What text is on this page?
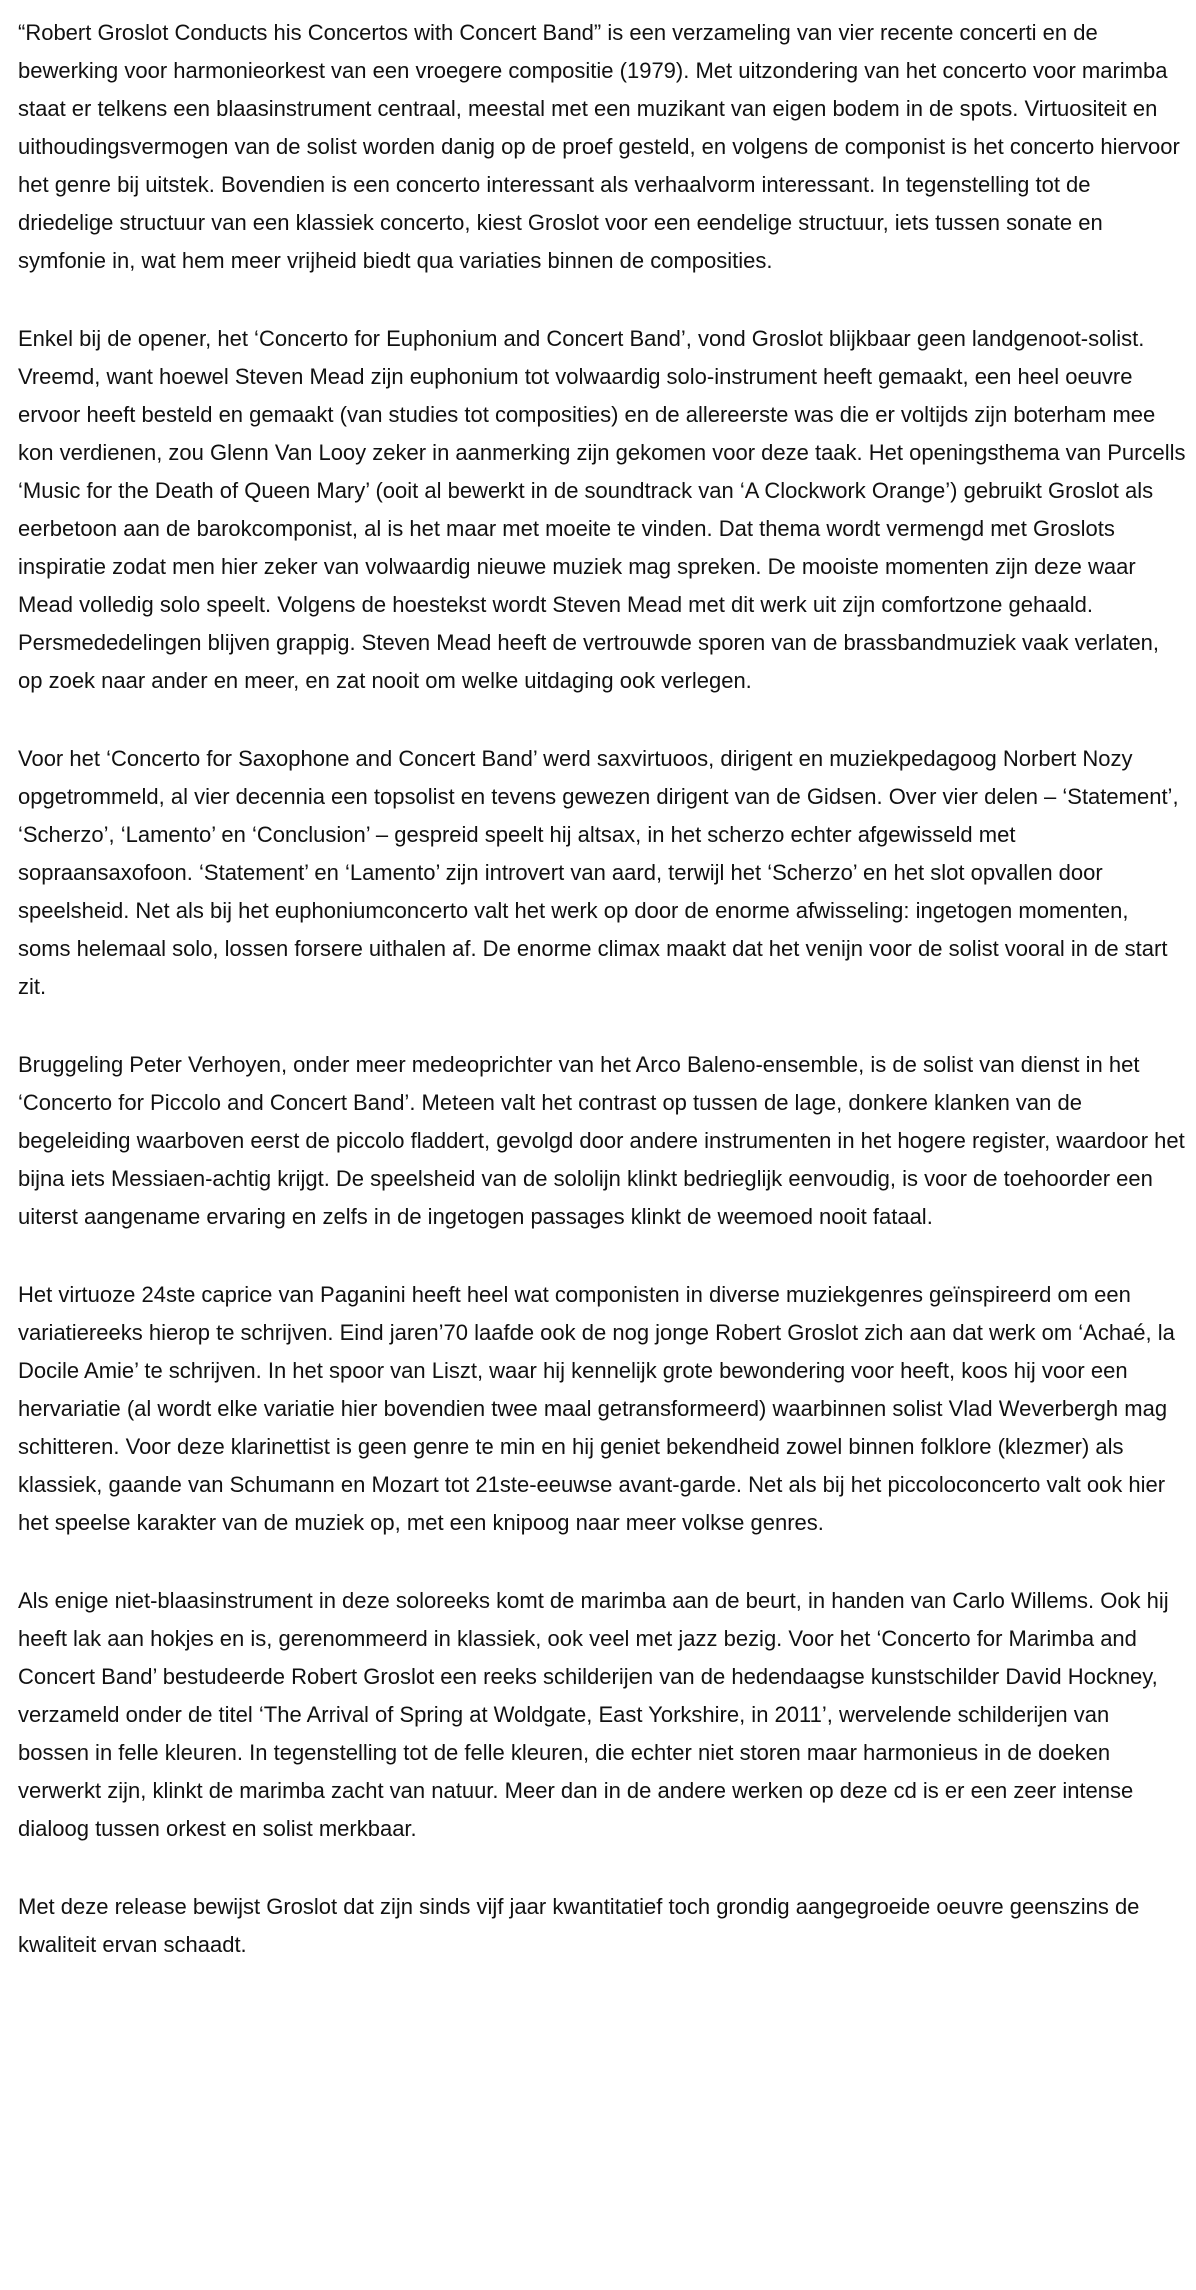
“Robert Groslot Conducts his Concertos with Concert Band” is een verzameling van vier recente concerti en de bewerking voor harmonieorkest van een vroegere compositie (1979). Met uitzondering van het concerto voor marimba staat er telkens een blaasinstrument centraal, meestal met een muzikant van eigen bodem in de spots. Virtuositeit en uithoudingsvermogen van de solist worden danig op de proef gesteld, en volgens de componist is het concerto hiervoor het genre bij uitstek. Bovendien is een concerto interessant als verhaalvorm interessant. In tegenstelling tot de driedelige structuur van een klassiek concerto, kiest Groslot voor een eendelige structuur, iets tussen sonate en symfonie in, wat hem meer vrijheid biedt qua variaties binnen de composities.

Enkel bij de opener, het ‘Concerto for Euphonium and Concert Band’, vond Groslot blijkbaar geen landgenoot-solist. Vreemd, want hoewel Steven Mead zijn euphonium tot volwaardig solo-instrument heeft gemaakt, een heel oeuvre ervoor heeft besteld en gemaakt (van studies tot composities) en de allereerste was die er voltijds zijn boterham mee kon verdienen, zou Glenn Van Looy zeker in aanmerking zijn gekomen voor deze taak. Het openingsthema van Purcells ‘Music for the Death of Queen Mary’ (ooit al bewerkt in de soundtrack van ‘A Clockwork Orange’) gebruikt Groslot als eerbetoon aan de barokcomponist, al is het maar met moeite te vinden. Dat thema wordt vermengd met Groslots inspiratie zodat men hier zeker van volwaardig nieuwe muziek mag spreken. De mooiste momenten zijn deze waar Mead volledig solo speelt. Volgens de hoestekst wordt Steven Mead met dit werk uit zijn comfortzone gehaald. Persmededelingen blijven grappig. Steven Mead heeft de vertrouwde sporen van de brassbandmuziek vaak verlaten, op zoek naar ander en meer, en zat nooit om welke uitdaging ook verlegen.

Voor het ‘Concerto for Saxophone and Concert Band’ werd saxvirtuoos, dirigent en muziekpedagoog Norbert Nozy opgetrommeld, al vier decennia een topsolist en tevens gewezen dirigent van de Gidsen. Over vier delen – ‘Statement’, ‘Scherzo’, ‘Lamento’ en ‘Conclusion’ – gespreid speelt hij altsax, in het scherzo echter afgewisseld met sopraansaxofoon. ‘Statement’ en ‘Lamento’ zijn introvert van aard, terwijl het ‘Scherzo’ en het slot opvallen door speelsheid. Net als bij het euphoniumconcerto valt het werk op door de enorme afwisseling: ingetogen momenten, soms helemaal solo, lossen forsere uithalen af. De enorme climax maakt dat het venijn voor de solist vooral in de start zit.

Bruggeling Peter Verhoyen, onder meer medeoprichter van het Arco Baleno-ensemble, is de solist van dienst in het ‘Concerto for Piccolo and Concert Band’. Meteen valt het contrast op tussen de lage, donkere klanken van de begeleiding waarboven eerst de piccolo fladdert, gevolgd door andere instrumenten in het hogere register, waardoor het bijna iets Messiaen-achtig krijgt. De speelsheid van de sololijn klinkt bedrieglijk eenvoudig, is voor de toehoorder een uiterst aangename ervaring en zelfs in de ingetogen passages klinkt de weemoed nooit fataal.

Het virtuoze 24ste caprice van Paganini heeft heel wat componisten in diverse muziekgenres geïnspireerd om een variatiereeks hierop te schrijven. Eind jaren’70 laafde ook de nog jonge Robert Groslot zich aan dat werk om ‘Achaé, la Docile Amie’ te schrijven. In het spoor van Liszt, waar hij kennelijk grote bewondering voor heeft, koos hij voor een hervariatie (al wordt elke variatie hier bovendien twee maal getransformeerd) waarbinnen solist Vlad Weverbergh mag schitteren. Voor deze klarinettist is geen genre te min en hij geniet bekendheid zowel binnen folklore (klezmer) als klassiek, gaande van Schumann en Mozart tot 21ste-eeuwse avant-garde. Net als bij het piccoloconcerto valt ook hier het speelse karakter van de muziek op, met een knipoog naar meer volkse genres.

Als enige niet-blaasinstrument in deze soloreeks komt de marimba aan de beurt, in handen van Carlo Willems. Ook hij heeft lak aan hokjes en is, gerenommeerd in klassiek, ook veel met jazz bezig. Voor het ‘Concerto for Marimba and Concert Band’ bestudeerde Robert Groslot een reeks schilderijen van de hedendaagse kunstschilder David Hockney, verzameld onder de titel ‘The Arrival of Spring at Woldgate, East Yorkshire, in 2011’, wervelende schilderijen van bossen in felle kleuren. In tegenstelling tot de felle kleuren, die echter niet storen maar harmonieus in de doeken verwerkt zijn, klinkt de marimba zacht van natuur. Meer dan in de andere werken op deze cd is er een zeer intense dialoog tussen orkest en solist merkbaar.

Met deze release bewijst Groslot dat zijn sinds vijf jaar kwantitatief toch grondig aangegroeide oeuvre geenszins de kwaliteit ervan schaadt.
